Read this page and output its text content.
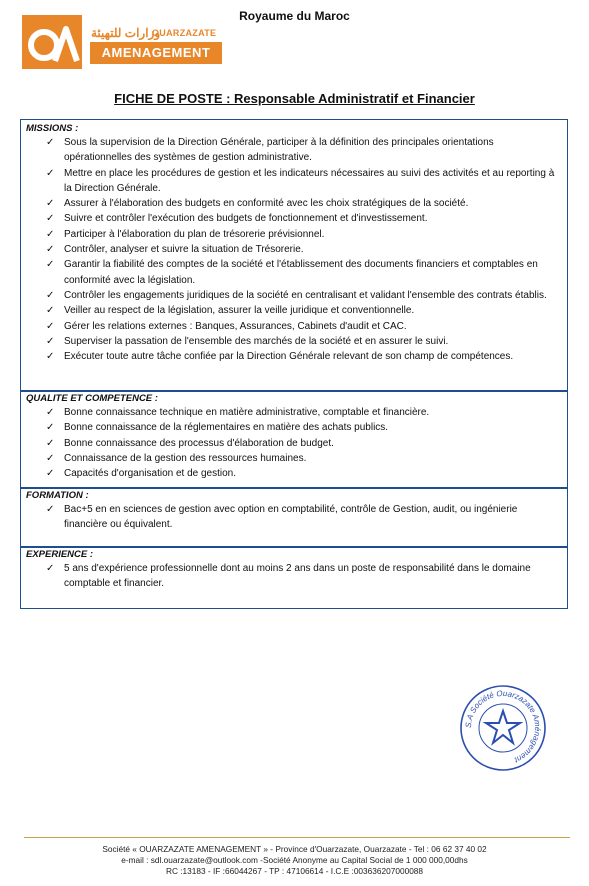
Royaume du Maroc
وزارات للتهيئة
OUARZAZATE
AMENAGEMENT
FICHE DE POSTE : Responsable Administratif et Financier
MISSIONS :
✓ Sous la supervision de la Direction Générale, participer à la définition des principales orientations opérationnelles des systèmes de gestion administrative.
✓ Mettre en place les procédures de gestion et les indicateurs nécessaires au suivi des activités et au reporting à la Direction Générale.
✓ Assurer à l'élaboration des budgets en conformité avec les choix stratégiques de la société.
✓ Suivre et contrôler l'exécution des budgets de fonctionnement et d'investissement.
✓ Participer à l'élaboration du plan de trésorerie prévisionnel.
✓ Contrôler, analyser et suivre la situation de Trésorerie.
✓ Garantir la fiabilité des comptes de la société et l'établissement des documents financiers et comptables en conformité avec la législation.
✓ Contrôler les engagements juridiques de la société en centralisant et validant l'ensemble des contrats établis.
✓ Veiller au respect de la législation, assurer la veille juridique et conventionnelle.
✓ Gérer les relations externes : Banques, Assurances, Cabinets d'audit et CAC.
✓ Superviser la passation de l'ensemble des marchés de la société et en assurer le suivi.
✓ Exécuter toute autre tâche confiée par la Direction Générale relevant de son champ de compétences.
QUALITE ET COMPETENCE :
✓ Bonne connaissance technique en matière administrative, comptable et financière.
✓ Bonne connaissance de la réglementaires en matière des achats publics.
✓ Bonne connaissance des processus d'élaboration de budget.
✓ Connaissance de la gestion des ressources humaines.
✓ Capacités d'organisation et de gestion.
FORMATION :
✓ Bac+5 en en sciences de gestion avec option en comptabilité, contrôle de Gestion, audit, ou ingénierie financière ou équivalent.
EXPERIENCE :
✓ 5 ans d'expérience professionnelle dont au moins 2 ans dans un poste de responsabilité dans le domaine comptable et financier.
S.A Société Ouarzazate Aménagement
Société « OUARZAZATE AMENAGEMENT » - Province d'Ouarzazate, Ouarzazate - Tel : 06 62 37 40 02
e-mail : sdl.ouarzazate@outlook.com -Société Anonyme au Capital Social de 1 000 000,00dhs
RC :13183 - IF :66044267 - TP : 47106614 - I.C.E :003636207000088
